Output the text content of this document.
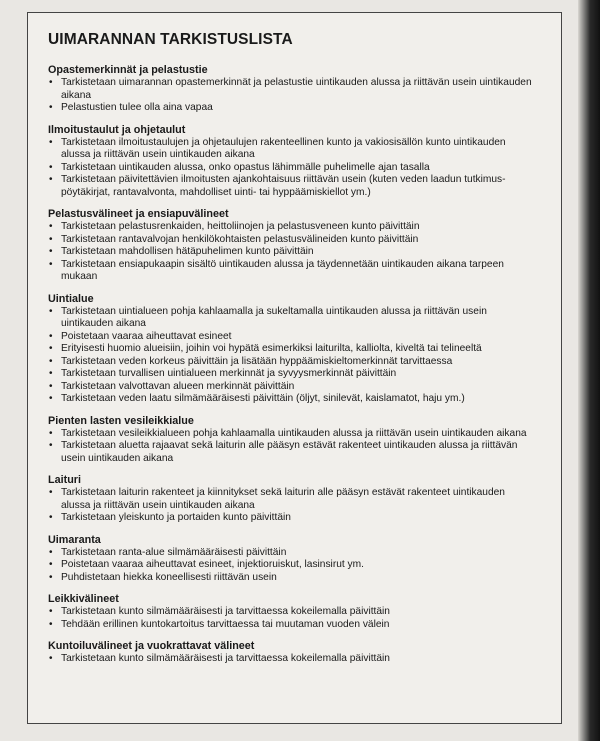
UIMARANNAN TARKISTUSLISTA
Opastemerkinnät ja pelastustie
• Tarkistetaan uimarannan opastemerkinnät ja pelastustie uintikauden alussa ja riittävän usein uintikauden aikana
• Pelastustien tulee olla aina vapaa
Ilmoitustaulut ja ohjetaulut
• Tarkistetaan ilmoitustaulujen ja ohjetaulujen rakenteellinen kunto ja vakiosisällön kunto uintikauden alussa ja riittävän usein uintikauden aikana
• Tarkistetaan uintikauden alussa, onko opastus lähimmälle puhelimelle ajan tasalla
• Tarkistetaan päivitettävien ilmoitusten ajankohtaisuus riittävän usein (kuten veden laadun tutkimus-pöytäkirjat, rantavalvonta, mahdolliset uinti- tai hyppäämiskiellot ym.)
Pelastusvälineet ja ensiapuvälineet
• Tarkistetaan pelastusrenkaiden, heittoliinojen ja pelastusveneen kunto päivittäin
• Tarkistetaan rantavalvojan henkilökohtaisten pelastusvälineiden kunto päivittäin
• Tarkistetaan mahdollisen hätäpuhelimen kunto päivittäin
• Tarkistetaan ensiapukaapin sisältö uintikauden alussa ja täydennetään uintikauden aikana tarpeen mukaan
Uintialue
• Tarkistetaan uintialueen pohja kahlaamalla ja sukeltamalla uintikauden alussa ja riittävän usein uintikauden aikana
• Poistetaan vaaraa aiheuttavat esineet
• Erityisesti huomio alueisiin, joihin voi hypätä esimerkiksi laiturilta, kalliolta, kiveltä tai telineeltä
• Tarkistetaan veden korkeus päivittäin ja lisätään hyppäämiskieltomerkinnät tarvittaessa
• Tarkistetaan turvallisen uintialueen merkinnät ja syvyysmerkinnät päivittäin
• Tarkistetaan valvottavan alueen merkinnät päivittäin
• Tarkistetaan veden laatu silmämääräisesti päivittäin (öljyt, sinilevät, kaislamatot, haju ym.)
Pienten lasten vesileikkialue
• Tarkistetaan vesileikkialueen pohja kahlaamalla uintikauden alussa ja riittävän usein uintikauden aikana
• Tarkistetaan aluetta rajaavat sekä laiturin alle pääsyn estävät rakenteet uintikauden alussa ja riittävän usein uintikauden aikana
Laituri
• Tarkistetaan laiturin rakenteet ja kiinnitykset sekä laiturin alle pääsyn estävät rakenteet uintikauden alussa ja riittävän usein uintikauden aikana
• Tarkistetaan yleiskunto ja portaiden kunto päivittäin
Uimaranta
• Tarkistetaan ranta-alue silmämääräisesti päivittäin
• Poistetaan vaaraa aiheuttavat esineet, injektioruiskut, lasinsirut ym.
• Puhdistetaan hiekka koneellisesti riittävän usein
Leikkivälineet
• Tarkistetaan kunto silmämääräisesti ja tarvittaessa kokeilemalla päivittäin
• Tehdään erillinen kuntokartoitus tarvittaessa tai muutaman vuoden välein
Kuntoiluvälineet ja vuokrattavat välineet
• Tarkistetaan kunto silmämääräisesti ja tarvittaessa kokeilemalla päivittäin
